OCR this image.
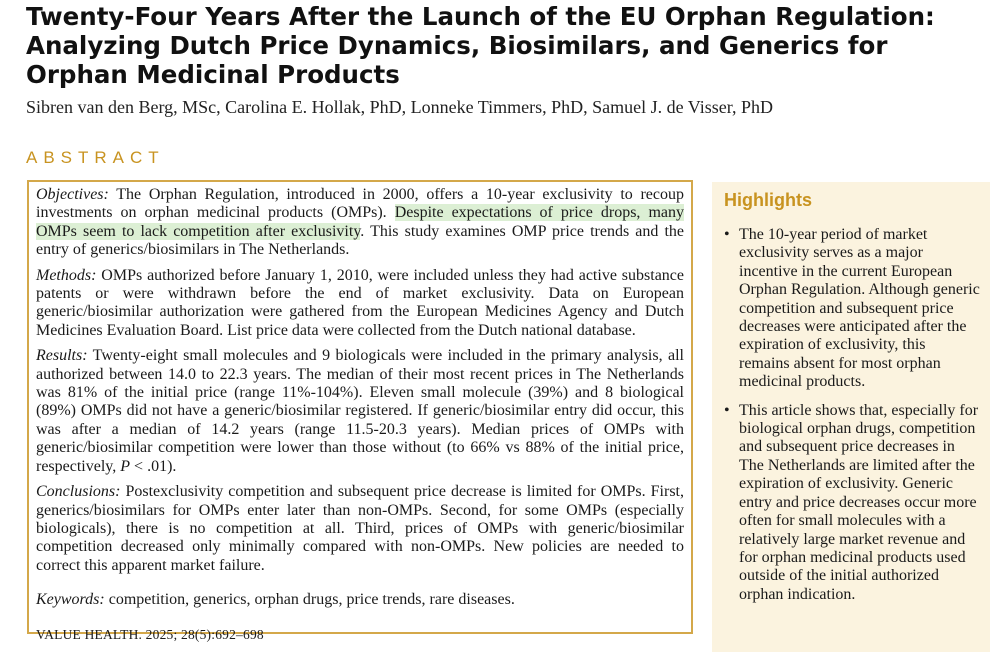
Twenty-Four Years After the Launch of the EU Orphan Regulation: Analyzing Dutch Price Dynamics, Biosimilars, and Generics for Orphan Medicinal Products
Sibren van den Berg, MSc, Carolina E. Hollak, PhD, Lonneke Timmers, PhD, Samuel J. de Visser, PhD
ABSTRACT

Objectives: The Orphan Regulation, introduced in 2000, offers a 10-year exclusivity to recoup investments on orphan medicinal products (OMPs). Despite expectations of price drops, many OMPs seem to lack competition after exclusivity. This study examines OMP price trends and the entry of generics/biosimilars in The Netherlands.

Methods: OMPs authorized before January 1, 2010, were included unless they had active substance patents or were withdrawn before the end of market exclusivity. Data on European generic/biosimilar authorization were gathered from the European Medicines Agency and Dutch Medicines Evaluation Board. List price data were collected from the Dutch national database.

Results: Twenty-eight small molecules and 9 biologicals were included in the primary analysis, all authorized between 14.0 to 22.3 years. The median of their most recent prices in The Netherlands was 81% of the initial price (range 11%-104%). Eleven small molecule (39%) and 8 biological (89%) OMPs did not have a generic/biosimilar registered. If generic/biosimilar entry did occur, this was after a median of 14.2 years (range 11.5-20.3 years). Median prices of OMPs with generic/biosimilar competition were lower than those without (to 66% vs 88% of the initial price, respectively, P < .01).

Conclusions: Postexclusivity competition and subsequent price decrease is limited for OMPs. First, generics/biosimilars for OMPs enter later than non-OMPs. Second, for some OMPs (especially biologicals), there is no competition at all. Third, prices of OMPs with generic/biosimilar competition decreased only minimally compared with non-OMPs. New policies are needed to correct this apparent market failure.

Keywords: competition, generics, orphan drugs, price trends, rare diseases.
VALUE HEALTH. 2025; 28(5):692–698
Highlights
• The 10-year period of market exclusivity serves as a major incentive in the current European Orphan Regulation. Although generic competition and subsequent price decreases were anticipated after the expiration of exclusivity, this remains absent for most orphan medicinal products.
• This article shows that, especially for biological orphan drugs, competition and subsequent price decreases in The Netherlands are limited after the expiration of exclusivity. Generic entry and price decreases occur more often for small molecules with a relatively large market revenue and for orphan medicinal products used outside of the initial authorized orphan indication.
